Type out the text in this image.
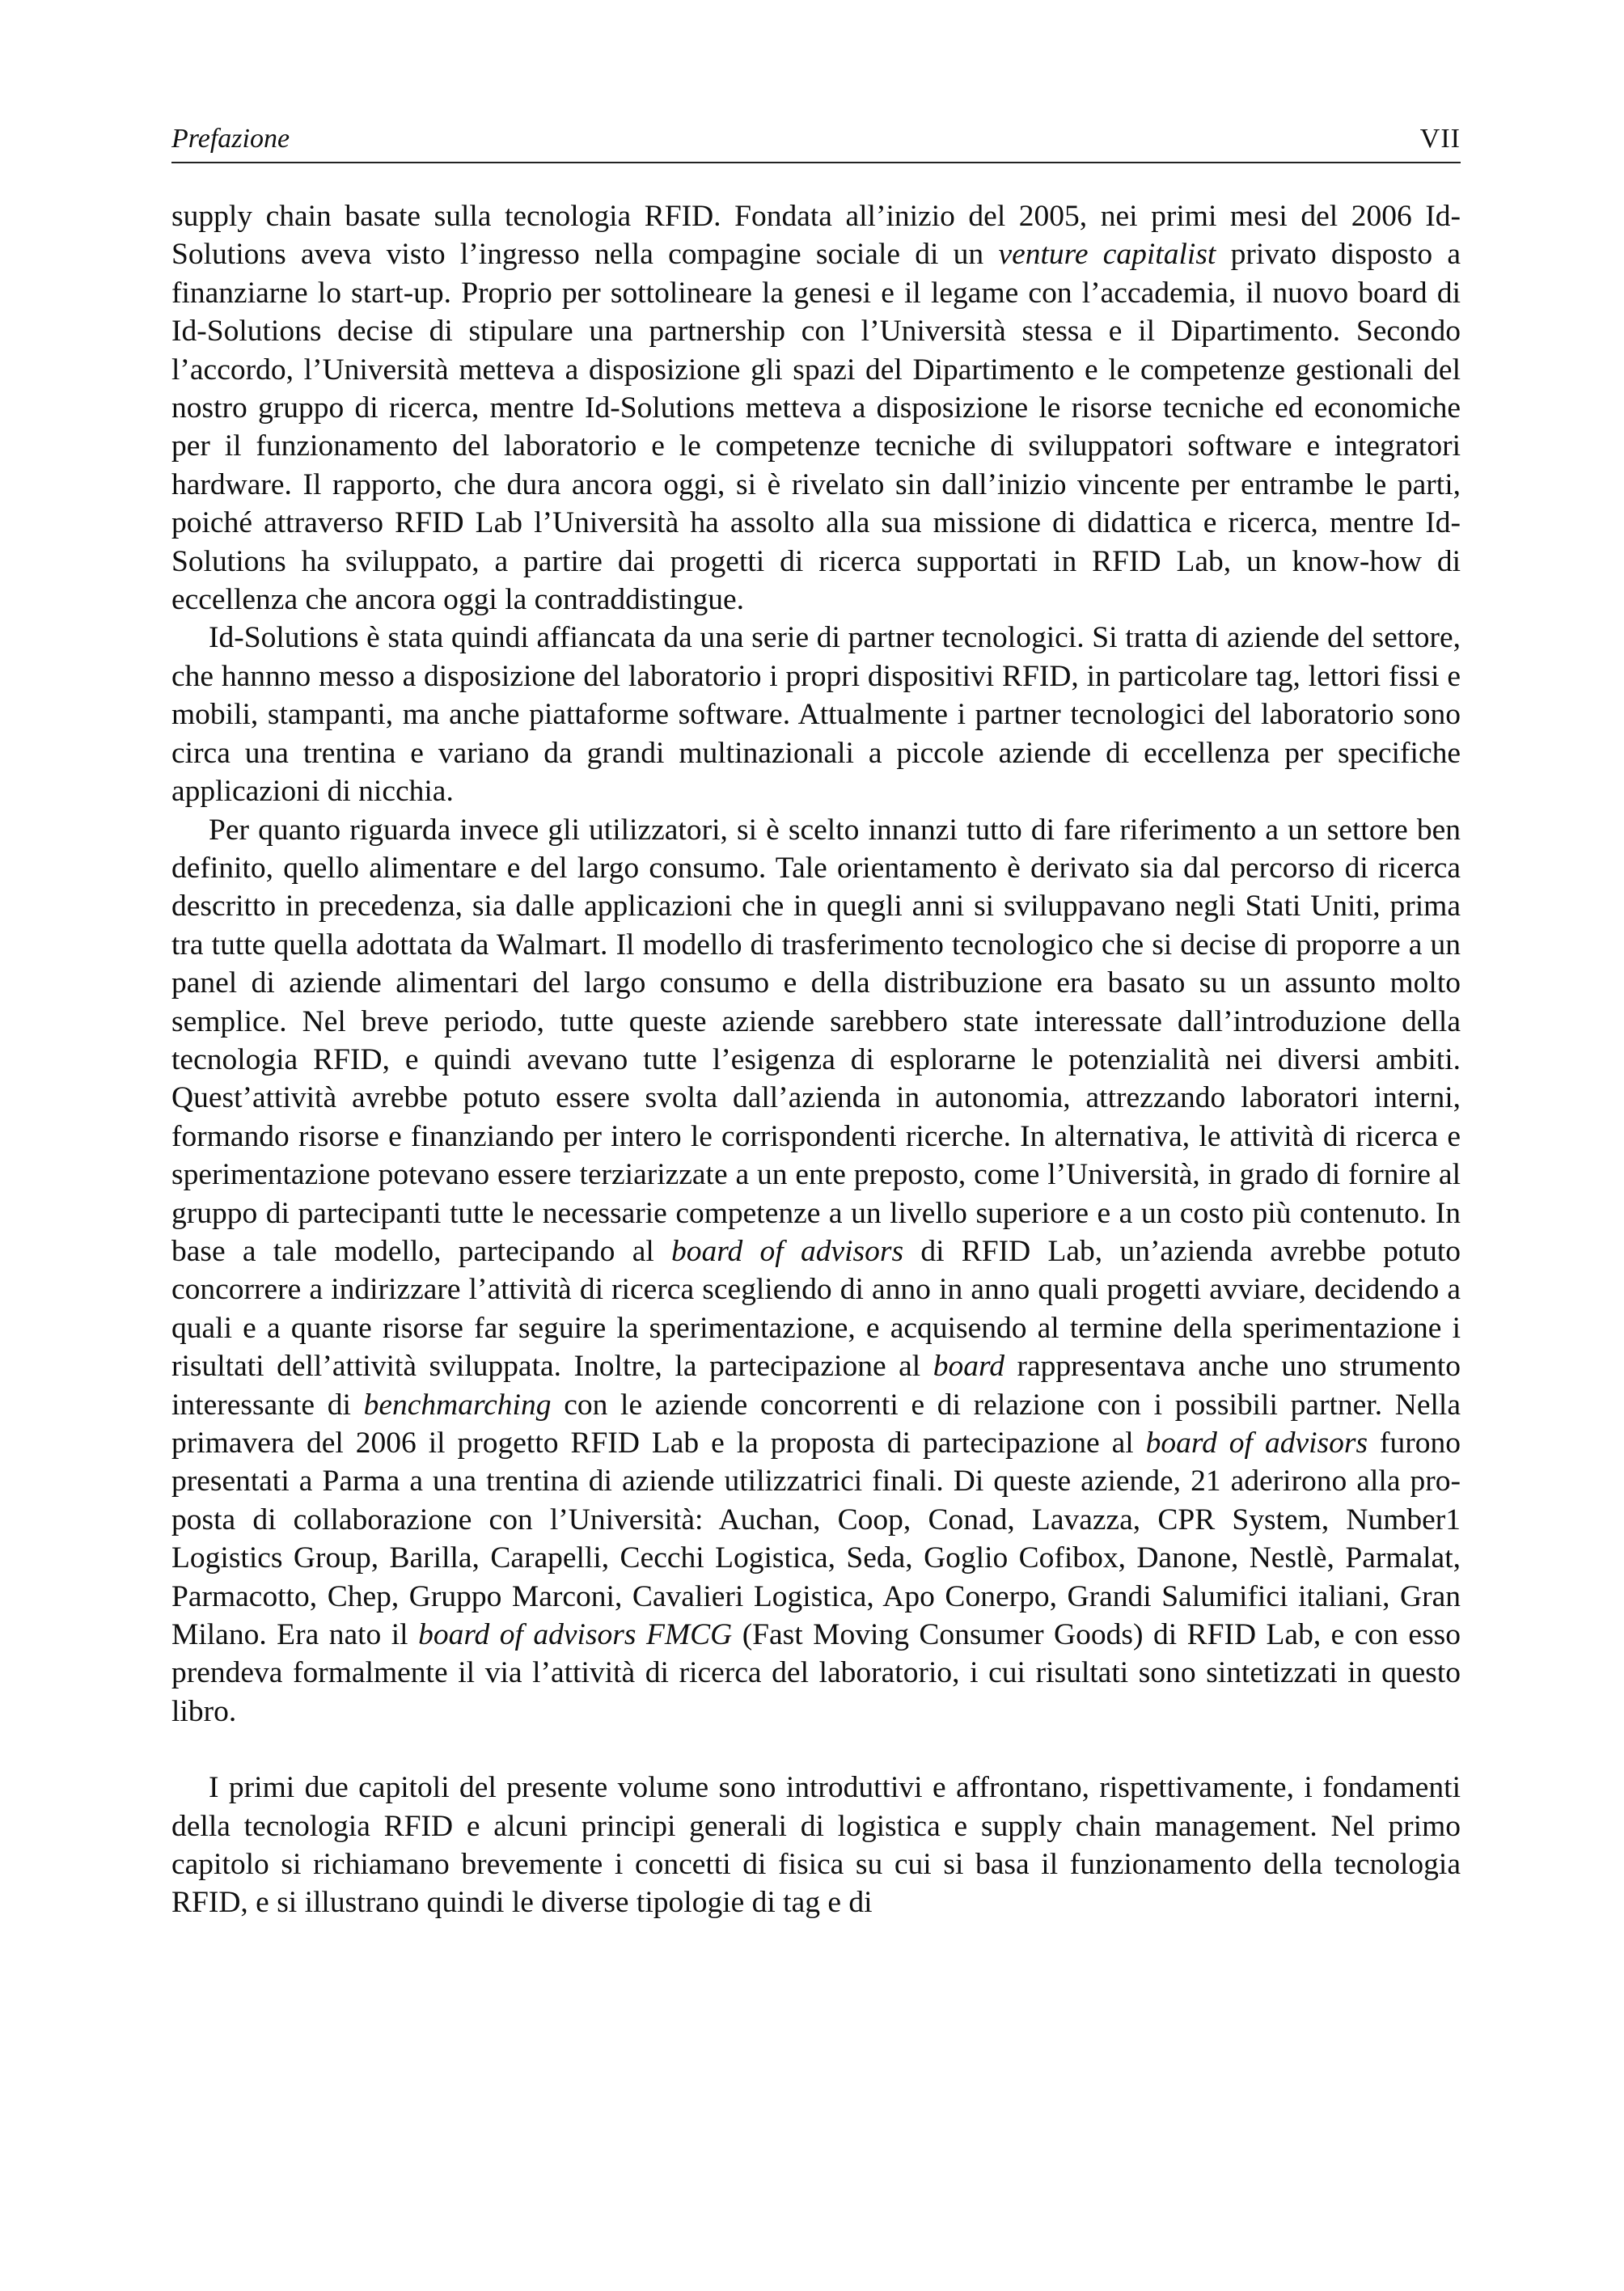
Prefazione	VII

supply chain basate sulla tecnologia RFID. Fondata all’inizio del 2005, nei primi mesi del 2006 Id-Solutions aveva visto l’ingresso nella compagine sociale di un venture capitalist privato disposto a finanziarne lo start-up. Proprio per sottolineare la genesi e il legame con l’accademia, il nuovo board di Id-Solutions decise di stipulare una partnership con l’Università stessa e il Dipartimento. Secondo l’accordo, l’Università metteva a disposizione gli spazi del Dipartimento e le competenze gestionali del nostro gruppo di ricerca, mentre Id-Solutions metteva a disposizione le risorse tecniche ed economiche per il funzionamento del laboratorio e le competenze tecniche di sviluppatori software e integratori hardware. Il rapporto, che dura ancora oggi, si è rivelato sin dall’inizio vincente per entrambe le parti, poiché attraverso RFID Lab l’Università ha assolto alla sua missione di didattica e ricerca, mentre Id-Solutions ha sviluppato, a partire dai progetti di ricerca supportati in RFID Lab, un know-how di eccellenza che ancora oggi la contraddistingue.

Id-Solutions è stata quindi affiancata da una serie di partner tecnologici. Si tratta di aziende del settore, che hannno messo a disposizione del laboratorio i propri dispositivi RFID, in particolare tag, lettori fissi e mobili, stampanti, ma anche piattaforme software. Attualmente i partner tecnologici del laboratorio sono circa una trentina e variano da grandi multinazionali a piccole aziende di eccellenza per specifiche applicazioni di nicchia.

Per quanto riguarda invece gli utilizzatori, si è scelto innanzi tutto di fare riferimento a un settore ben definito, quello alimentare e del largo consumo. Tale orientamento è derivato sia dal percorso di ricerca descritto in precedenza, sia dalle applicazioni che in quegli anni si sviluppavano negli Stati Uniti, prima tra tutte quella adottata da Walmart. Il modello di trasferimento tecnologico che si decise di proporre a un panel di aziende alimentari del largo consumo e della distribuzione era basato su un assunto molto semplice. Nel breve periodo, tutte queste aziende sarebbero state interessate dall’introduzione della tecnologia RFID, e quindi avevano tutte l’esigenza di esplorarne le potenzialità nei diversi ambiti. Quest’attività avrebbe potuto essere svolta dall’azienda in autonomia, attrezzando laboratori interni, formando risorse e finanziando per intero le corrispondenti ricerche. In alternativa, le attività di ricerca e sperimentazione potevano essere terziarizzate a un ente preposto, come l’Università, in grado di fornire al gruppo di partecipanti tutte le necessarie competenze a un livello superiore e a un costo più contenuto. In base a tale modello, partecipando al board of advisors di RFID Lab, un’azienda avrebbe potuto concorrere a indirizzare l’attività di ricerca scegliendo di anno in anno quali progetti avviare, decidendo a quali e a quante risorse far seguire la sperimentazione, e acquisendo al termine della sperimentazione i risultati dell’attività sviluppata. Inoltre, la partecipazione al board rappresentava anche uno strumento interessante di benchmarching con le aziende concorrenti e di relazione con i possibili partner. Nella primavera del 2006 il progetto RFID Lab e la proposta di partecipazione al board of advisors furono presentati a Parma a una trentina di aziende utilizzatrici finali. Di queste aziende, 21 aderirono alla proposta di collaborazione con l’Università: Auchan, Coop, Conad, Lavazza, CPR System, Number1 Logistics Group, Barilla, Carapelli, Cecchi Logistica, Seda, Goglio Cofibox, Danone, Nestlè, Parmalat, Parmacotto, Chep, Gruppo Marconi, Cavalieri Logistica, Apo Conerpo, Grandi Salumifici italiani, Gran Milano. Era nato il board of advisors FMCG (Fast Moving Consumer Goods) di RFID Lab, e con esso prendeva formalmente il via l’attività di ricerca del laboratorio, i cui risultati sono sintetizzati in questo libro.

I primi due capitoli del presente volume sono introduttivi e affrontano, rispettivamente, i fondamenti della tecnologia RFID e alcuni principi generali di logistica e supply chain management. Nel primo capitolo si richiamano brevemente i concetti di fisica su cui si basa il funzionamento della tecnologia RFID, e si illustrano quindi le diverse tipologie di tag e di
